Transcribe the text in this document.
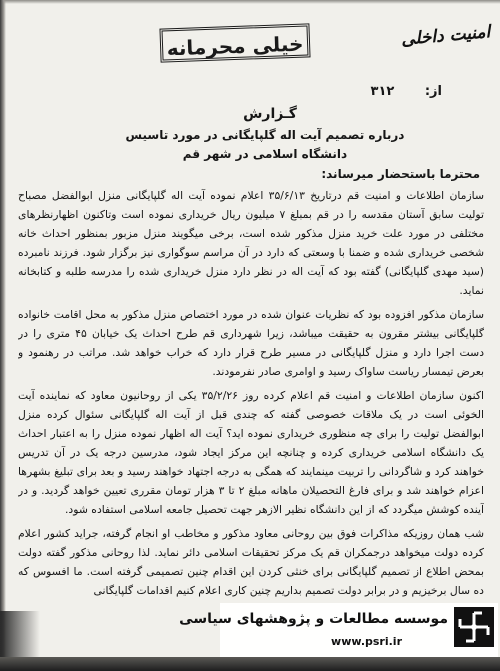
امنیت داخلی
خیلی محرمانه
از: ۳۱۲
گـزارش
درباره تصمیم آیت اله گلپایگانی در مورد تاسیس
دانشگاه اسلامی در شهر قم
محترما باستحضار میرساند:

سازمان اطلاعات و امنیت قم درتاریخ ۳۵/۶/۱۳ اعلام نموده آیت اله گلپایگانی منزل ابوالفضل مصباح تولیت سابق آستان مقدسه را در قم بمبلغ ۷ میلیون ریال خریداری نموده است وتاکنون اظهارنظرهای مختلفی در مورد علت خرید منزل مذکور شده است، برخی میگویند منزل مزبور بمنظور احداث خانه شخصی خریداری شده و ضمنا با وسعتی که دارد در آن مراسم سوگواری نیز برگزار شود. فرزند نامبرده (سید مهدی گلپایگانی) گفته بود که آیت اله در نظر دارد منزل خریداری شده را مدرسه طلبه و کتابخانه نماید.

سازمان مذکور افزوده بود که نظریات عنوان شده در مورد اختصاص منزل مذکور به محل اقامت خانواده گلپایگانی بیشتر مقرون به حقیقت میباشد، زیرا شهرداری قم طرح احداث یک خیابان ۴۵ متری را در دست اجرا دارد و منزل گلپایگانی در مسیر طرح قرار دارد که خراب خواهد شد. مراتب در رهنمود و بعرض تیمسار ریاست ساواک رسید و اوامری صادر نفرمودند.

اکنون سازمان اطلاعات و امنیت قم اعلام کرده روز ۳۵/۲/۲۶ یکی از روحانیون معاود که نماینده آیت الخوئی است در یک ملاقات خصوصی گفته که چندی قبل از آیت اله گلپایگانی سئوال کرده منزل ابوالفضل تولیت را برای چه منظوری خریداری نموده اید؟ آیت اله اظهار نموده منزل را به اعتبار احداث یک دانشگاه اسلامی خریداری کرده و چنانچه این مرکز ایجاد شود، مدرسین درجه یک در آن تدریس خواهند کرد و شاگردانی را تربیت مینمایند که همگی به درجه اجتهاد خواهند رسید و بعد برای تبلیغ بشهرها اعزام خواهند شد و برای فارغ التحصیلان ماهانه مبلغ ۲ تا ۳ هزار تومان مقرری تعیین خواهد گردید. و در آینده کوشش میگردد که از این دانشگاه نظیر الازهر جهت تحصیل جامعه اسلامی استفاده شود.

شب همان روزیکه مذاکرات فوق بین روحانی معاود مذکور و مخاطب او انجام گرفته، جراید کشور اعلام کرده دولت میخواهد درجمکران قم یک مرکز تحقیقات اسلامی دائر نماید. لذا روحانی مذکور گفته دولت بمحض اطلاع از تصمیم گلپایگانی برای خنثی کردن این اقدام چنین تصمیمی گرفته است. ما افسوس که ده سال برخیزیم و در برابر دولت تصمیم بداریم چنین کاری اعلام کنیم اقدامات گلپایگانی

موسسه مطالعات و پژوهشهای سیاسی
www.psri.ir
